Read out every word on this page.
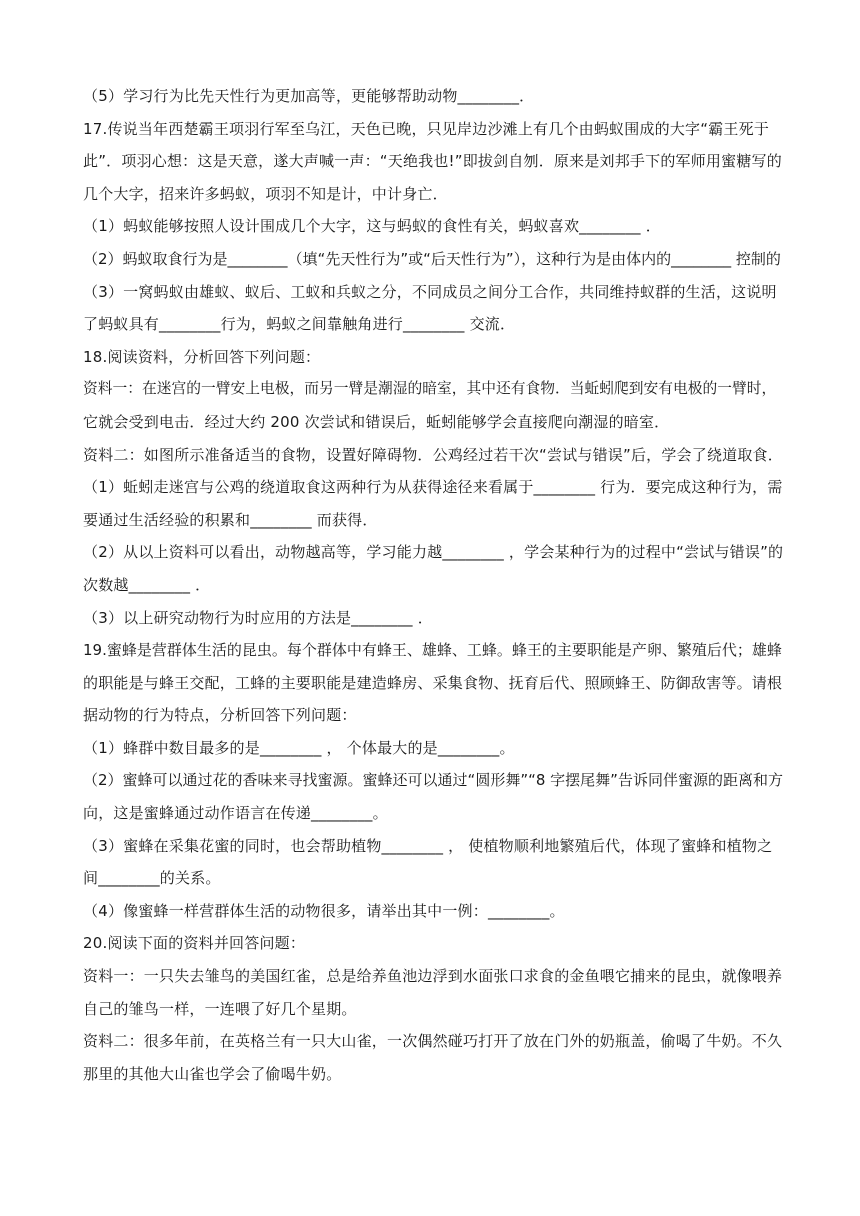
（5）学习行为比先天性行为更加高等，更能够帮助动物________．
17.传说当年西楚霸王项羽行军至乌江，天色已晚，只见岸边沙滩上有几个由蚂蚁围成的大字“霸王死于
此”．项羽心想：这是天意，遂大声喊一声：“天绝我也!”即拔剑自刎．原来是刘邦手下的军师用蜜糖写的
几个大字，招来许多蚂蚁，项羽不知是计，中计身亡．
（1）蚂蚁能够按照人设计围成几个大字，这与蚂蚁的食性有关，蚂蚁喜欢________ ．
（2）蚂蚁取食行为是________（填“先天性行为”或“后天性行为”），这种行为是由体内的________ 控制的
（3）一窝蚂蚁由雄蚁、蚁后、工蚁和兵蚁之分，不同成员之间分工合作，共同维持蚁群的生活，这说明
了蚂蚁具有________行为，蚂蚁之间靠触角进行________ 交流．
18.阅读资料，分析回答下列问题：
资料一：在迷宫的一臂安上电极，而另一臂是潮湿的暗室，其中还有食物．当蚯蚓爬到安有电极的一臂时，
它就会受到电击．经过大约 200 次尝试和错误后，蚯蚓能够学会直接爬向潮湿的暗室．
资料二：如图所示准备适当的食物，设置好障碍物．公鸡经过若干次“尝试与错误”后，学会了绕道取食．
（1）蚯蚓走迷宫与公鸡的绕道取食这两种行为从获得途径来看属于________ 行为．要完成这种行为，需
要通过生活经验的积累和________ 而获得．
（2）从以上资料可以看出，动物越高等，学习能力越________ ，学会某种行为的过程中“尝试与错误”的
次数越________ ．
（3）以上研究动物行为时应用的方法是________ ．
19.蜜蜂是营群体生活的昆虫。每个群体中有蜂王、雄蜂、工蜂。蜂王的主要职能是产卵、繁殖后代；雄蜂
的职能是与蜂王交配，工蜂的主要职能是建造蜂房、采集食物、抚育后代、照顾蜂王、防御敌害等。请根
据动物的行为特点，分析回答下列问题：
（1）蜂群中数目最多的是________ ， 个体最大的是________。
（2）蜜蜂可以通过花的香味来寻找蜜源。蜜蜂还可以通过“圆形舞”“8 字摆尾舞”告诉同伴蜜源的距离和方
向，这是蜜蜂通过动作语言在传递________。
（3）蜜蜂在采集花蜜的同时，也会帮助植物________ ， 使植物顺利地繁殖后代，体现了蜜蜂和植物之
间________的关系。
（4）像蜜蜂一样营群体生活的动物很多，请举出其中一例：________。
20.阅读下面的资料并回答问题：
资料一：一只失去雏鸟的美国红雀，总是给养鱼池边浮到水面张口求食的金鱼喂它捕来的昆虫，就像喂养
自己的雏鸟一样，一连喂了好几个星期。
资料二：很多年前，在英格兰有一只大山雀，一次偶然碰巧打开了放在门外的奶瓶盖，偷喝了牛奶。不久
那里的其他大山雀也学会了偷喝牛奶。
